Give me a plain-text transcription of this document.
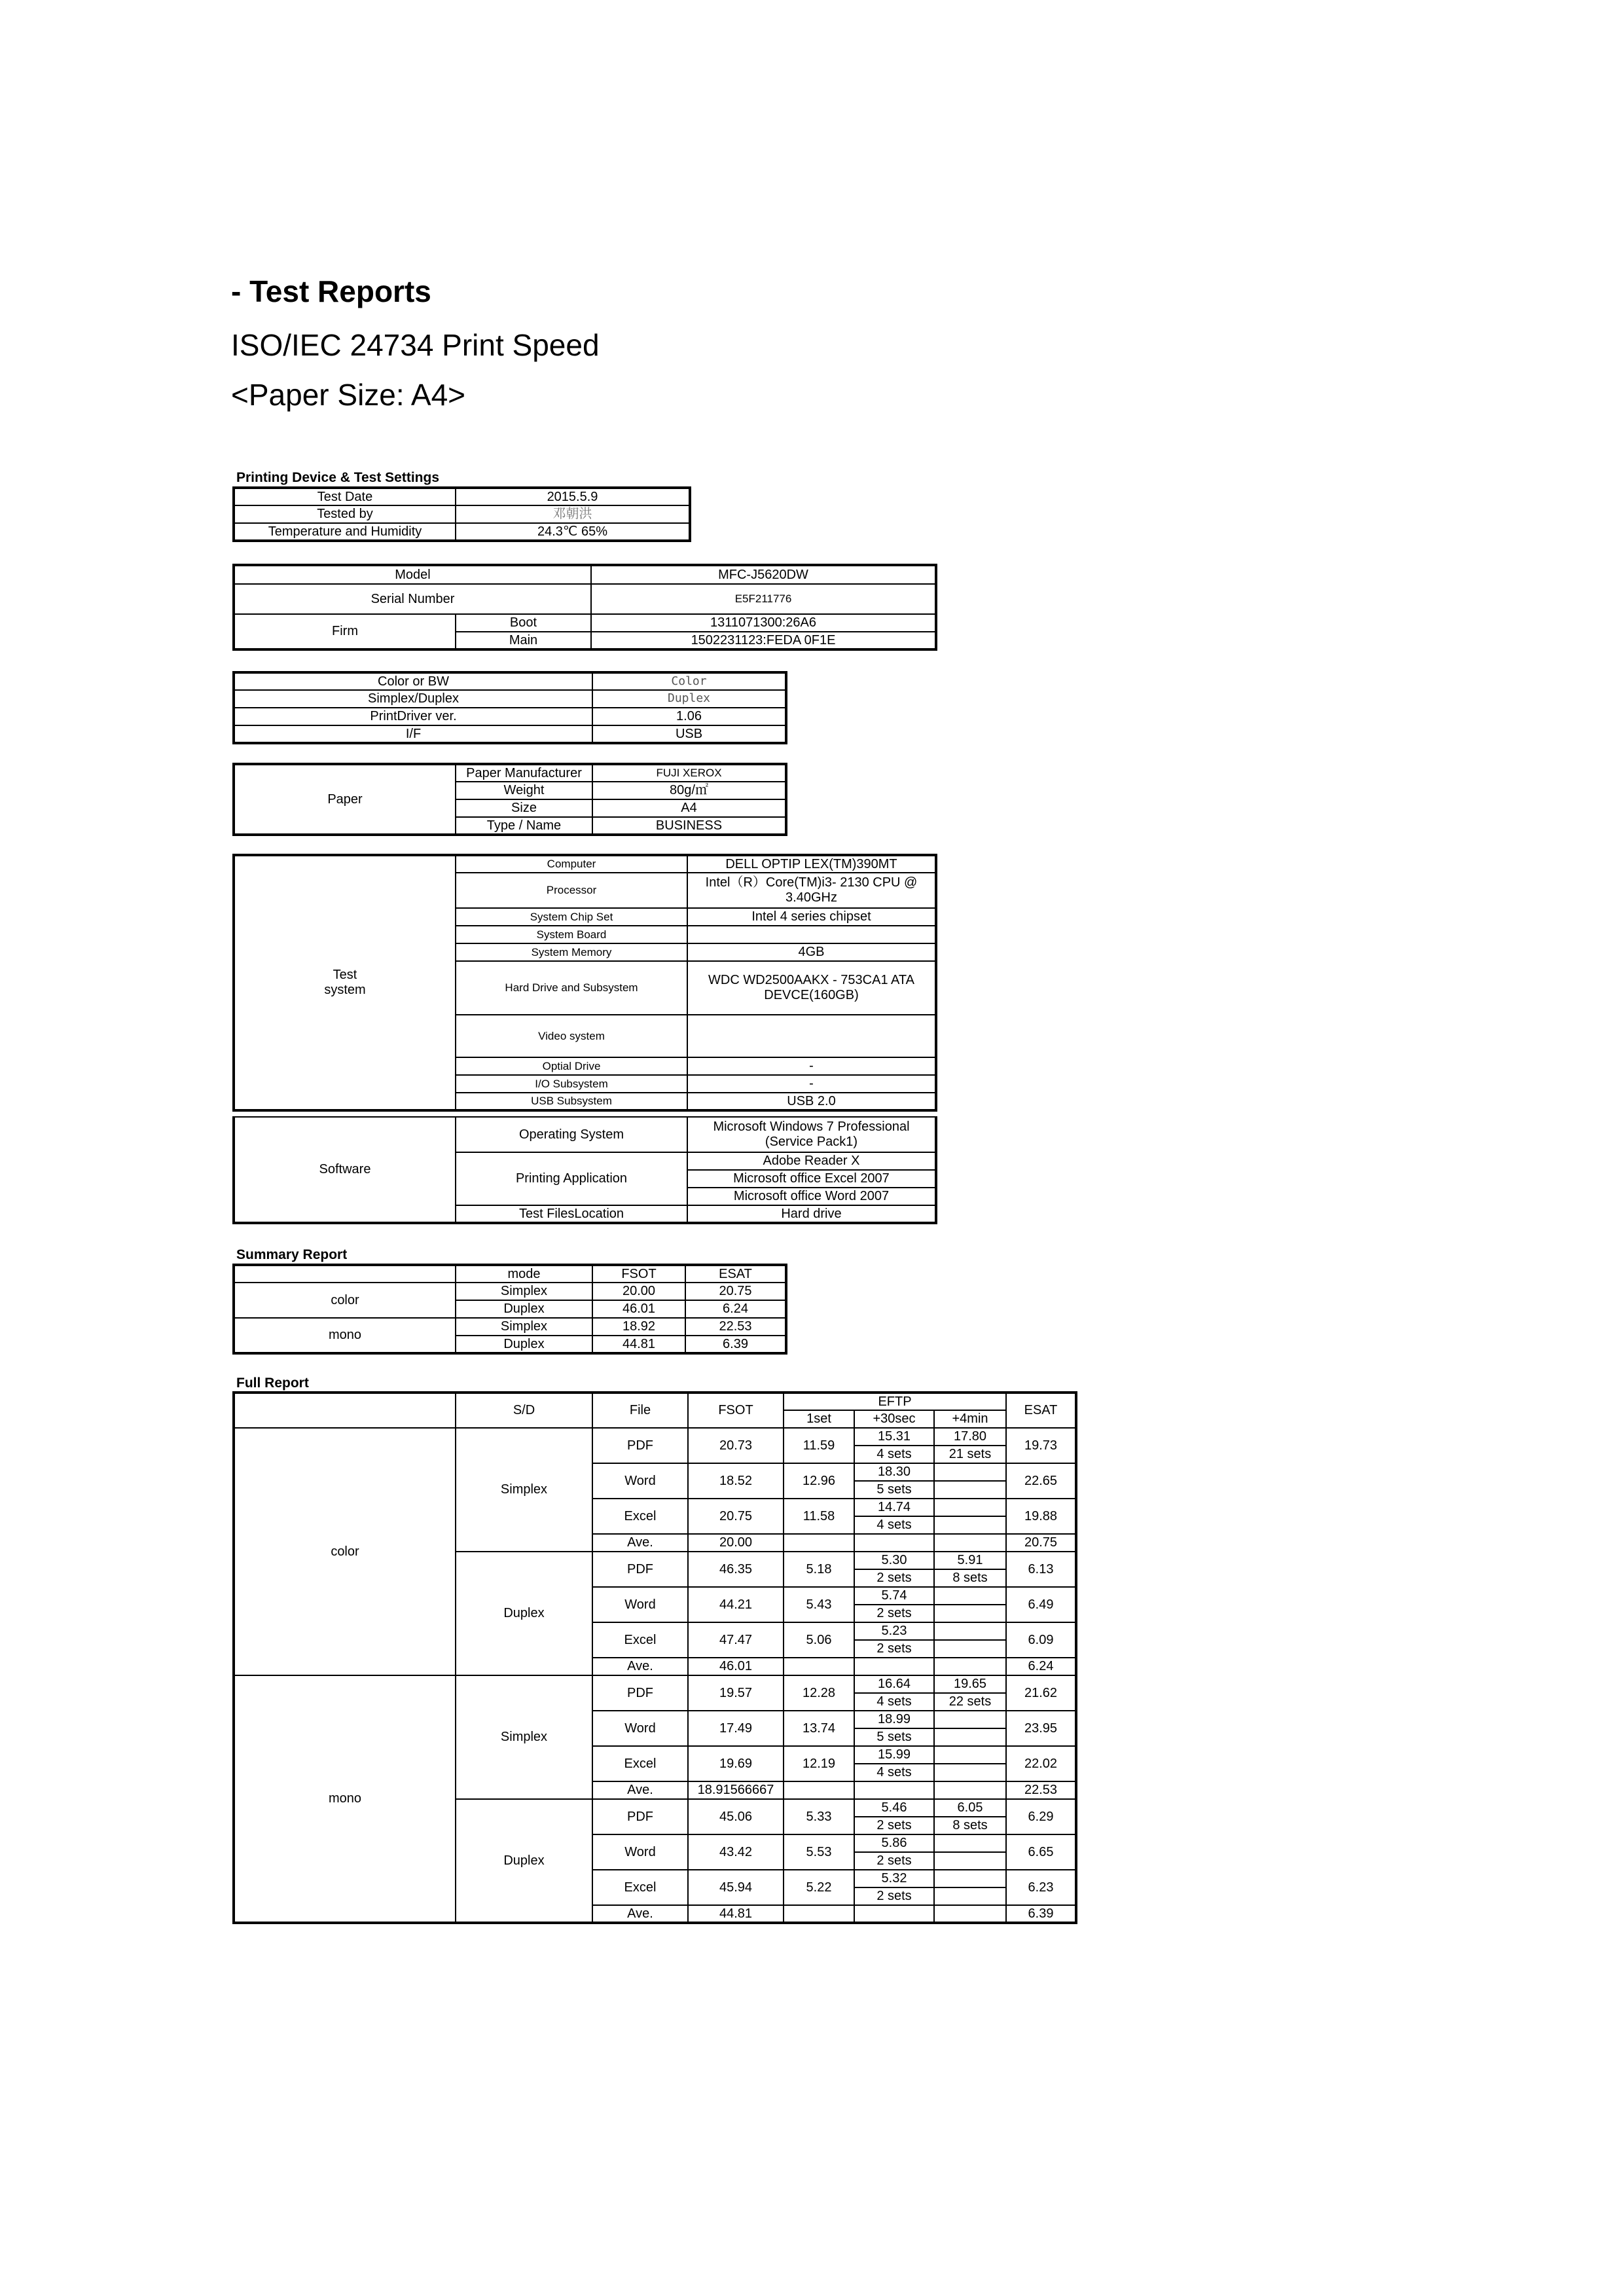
- Test Reports
ISO/IEC 24734 Print Speed
<Paper Size: A4>
Printing Device & Test Settings
Test Date	2015.5.9
Tested by	邓朝洪
Temperature and Humidity	24.3℃ 65%
Model		MFC-J5620DW
Serial Number		E5F211776
Firm	Boot	1311071300:26A6
	Main	1502231123:FEDA 0F1E
Color or BW	Color
Simplex/Duplex	Duplex
PrintDriver ver.	1.06
I/F	USB
Paper	Paper Manufacturer	FUJI XEROX
	Weight	80g/㎡
	Size	A4
	Type / Name	BUSINESS
Test
system	Computer	DELL OPTIP LEX(TM)390MT
	Processor	Intel（R）Core(TM)i3- 2130 CPU @ 3.40GHz
	System Chip Set	Intel 4 series chipset
	System Board	
	System Memory	4GB
	Hard Drive and Subsystem	WDC WD2500AAKX - 753CA1 ATA DEVCE(160GB)
	Video system	
	Optial Drive	-
	I/O Subsystem	-
	USB Subsystem	USB 2.0
Software	Operating System	Microsoft Windows 7 Professional (Service Pack1)
	Printing Application	Adobe Reader X
		Microsoft office Excel 2007
		Microsoft office Word 2007
	Test FilesLocation	Hard drive
Summary Report
	mode	FSOT	ESAT
color	Simplex	20.00	20.75
	Duplex	46.01	6.24
mono	Simplex	18.92	22.53
	Duplex	44.81	6.39
Full Report
	S/D	File	FSOT	EFTP			ESAT
				1set	+30sec	+4min	
color	Simplex	PDF	20.73	11.59	15.31	17.80	19.73
					4 sets	21 sets	
		Word	18.52	12.96	18.30		22.65
					5 sets		
		Excel	20.75	11.58	14.74		19.88
					4 sets		
		Ave.	20.00				20.75
	Duplex	PDF	46.35	5.18	5.30	5.91	6.13
					2 sets	8 sets	
		Word	44.21	5.43	5.74		6.49
					2 sets		
		Excel	47.47	5.06	5.23		6.09
					2 sets		
		Ave.	46.01				6.24
mono	Simplex	PDF	19.57	12.28	16.64	19.65	21.62
					4 sets	22 sets	
		Word	17.49	13.74	18.99		23.95
					5 sets		
		Excel	19.69	12.19	15.99		22.02
					4 sets		
		Ave.	18.91566667				22.53
	Duplex	PDF	45.06	5.33	5.46	6.05	6.29
					2 sets	8 sets	
		Word	43.42	5.53	5.86		6.65
					2 sets		
		Excel	45.94	5.22	5.32		6.23
					2 sets		
		Ave.	44.81				6.39
